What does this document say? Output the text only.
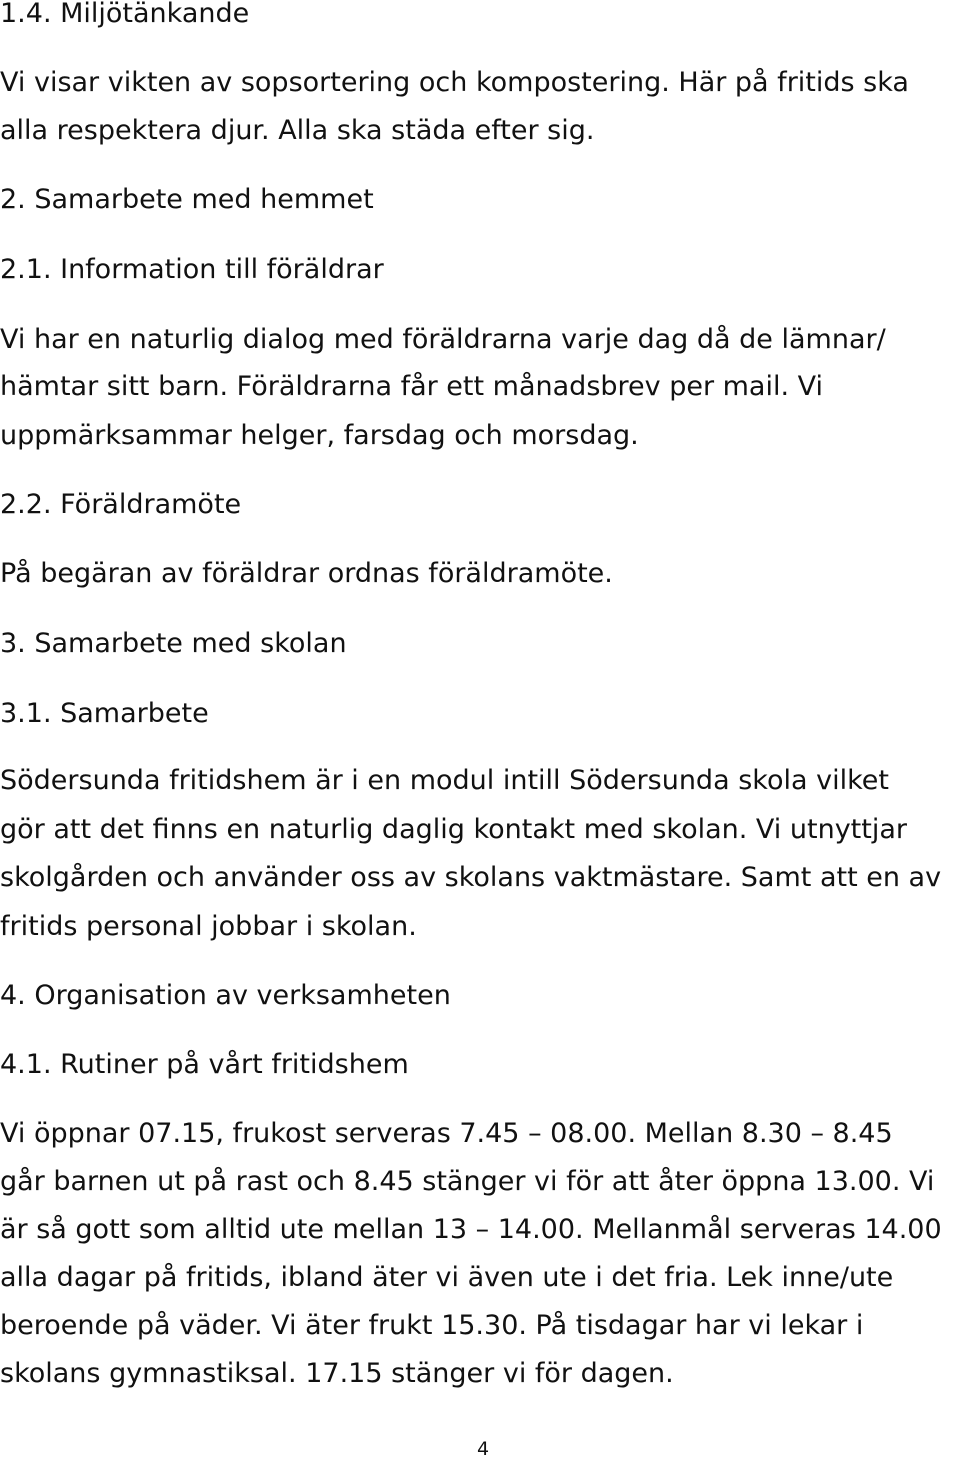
1.4. Miljötänkande

Vi visar vikten av sopsortering och kompostering. Här på fritids ska

alla respektera djur. Alla ska städa efter sig.

2. Samarbete med hemmet

2.1. Information till föräldrar

Vi har en naturlig dialog med föräldrarna varje dag då de lämnar/

hämtar sitt barn. Föräldrarna får ett månadsbrev per mail. Vi

uppmärksammar helger, farsdag och morsdag.

2.2. Föräldramöte

På begäran av föräldrar ordnas föräldramöte.

3. Samarbete med skolan

3.1. Samarbete

Södersunda fritidshem är i en modul intill Södersunda skola vilket

gör att det finns en naturlig daglig kontakt med skolan. Vi utnyttjar

skolgården och använder oss av skolans vaktmästare. Samt att en av

fritids personal jobbar i skolan.

4. Organisation av verksamheten

4.1. Rutiner på vårt fritidshem

Vi öppnar 07.15, frukost serveras 7.45 – 08.00. Mellan 8.30 – 8.45

går barnen ut på rast och 8.45 stänger vi för att åter öppna 13.00. Vi

är så gott som alltid ute mellan 13 – 14.00. Mellanmål serveras 14.00

alla dagar på fritids, ibland äter vi även ute i det fria. Lek inne/ute

beroende på väder. Vi äter frukt 15.30. På tisdagar har vi lekar i

skolans gymnastiksal. 17.15 stänger vi för dagen.

4
